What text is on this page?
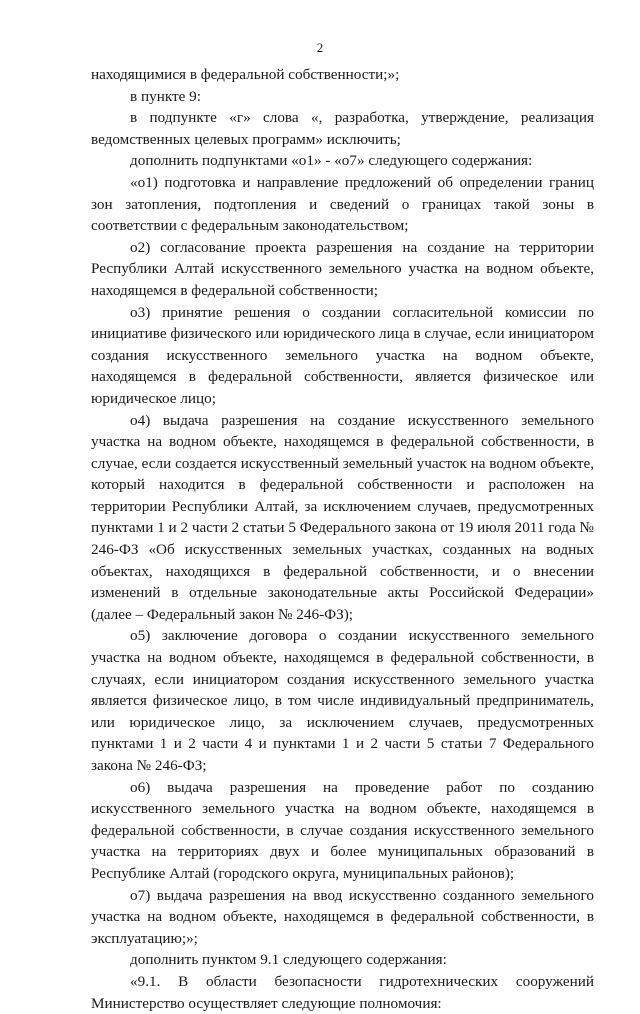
2

находящимися в федеральной собственности;»;

в пункте 9:

в подпункте «г» слова «, разработка, утверждение, реализация ведомственных целевых программ» исключить;

дополнить подпунктами «о1» - «о7» следующего содержания:

«о1) подготовка и направление предложений об определении границ зон затопления, подтопления и сведений о границах такой зоны в соответствии с федеральным законодательством;

о2) согласование проекта разрешения на создание на территории Республики Алтай искусственного земельного участка на водном объекте, находящемся в федеральной собственности;

о3) принятие решения о создании согласительной комиссии по инициативе физического или юридического лица в случае, если инициатором создания искусственного земельного участка на водном объекте, находящемся в федеральной собственности, является физическое или юридическое лицо;

о4) выдача разрешения на создание искусственного земельного участка на водном объекте, находящемся в федеральной собственности, в случае, если создается искусственный земельный участок на водном объекте, который находится в федеральной собственности и расположен на территории Республики Алтай, за исключением случаев, предусмотренных пунктами 1 и 2 части 2 статьи 5 Федерального закона от 19 июля 2011 года № 246-ФЗ «Об искусственных земельных участках, созданных на водных объектах, находящихся в федеральной собственности, и о внесении изменений в отдельные законодательные акты Российской Федерации» (далее – Федеральный закон № 246-ФЗ);

о5) заключение договора о создании искусственного земельного участка на водном объекте, находящемся в федеральной собственности, в случаях, если инициатором создания искусственного земельного участка является физическое лицо, в том числе индивидуальный предприниматель, или юридическое лицо, за исключением случаев, предусмотренных пунктами 1 и 2 части 4 и пунктами 1 и 2 части 5 статьи 7 Федерального закона № 246-ФЗ;

о6) выдача разрешения на проведение работ по созданию искусственного земельного участка на водном объекте, находящемся в федеральной собственности, в случае создания искусственного земельного участка на территориях двух и более муниципальных образований в Республике Алтай (городского округа, муниципальных районов);

о7) выдача разрешения на ввод искусственно созданного земельного участка на водном объекте, находящемся в федеральной собственности, в эксплуатацию;»;

дополнить пунктом 9.1 следующего содержания:

«9.1. В области безопасности гидротехнических сооружений Министерство осуществляет следующие полномочия:
